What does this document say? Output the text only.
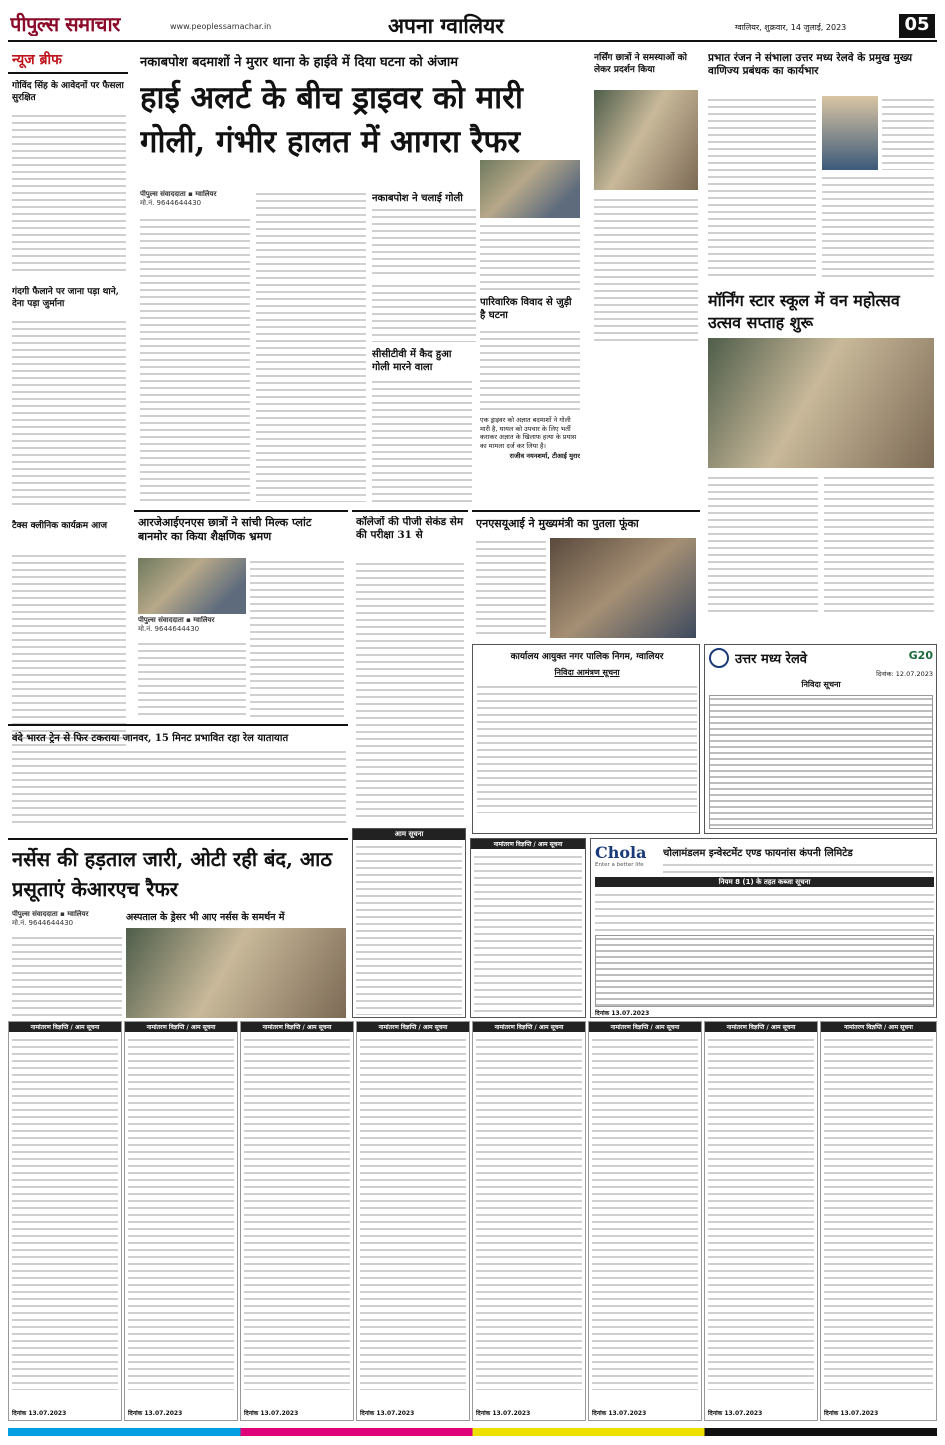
पीपुल्स समाचार	www.peoplessamachar.in	अपना ग्वालियर	ग्वालियर, शुक्रवार, 14 जुलाई, 2023	05
न्यूज ब्रीफ
गोविंद सिंह के आवेदनों पर फैसला सुरक्षित
गंदगी फैलाने पर जाना पड़ा थाने, देना पड़ा जुर्माना
टैक्स क्लीनिक कार्यक्रम आज
नकाबपोश बदमाशों ने मुरार थाना के हाईवे में दिया घटना को अंजाम
हाई अलर्ट के बीच ड्राइवर को मारी गोली, गंभीर हालत में आगरा रैफर
पीपुल्स संवाददाता ▪ ग्वालियर
मो.नं. 9644644430	नकाबपोश ने चलाई गोली
सीसीटीवी में कैद हुआ गोली मारने वाला
पारिवारिक विवाद से जुड़ी है घटना
एक ड्राइवर को अज्ञात बदमाशों ने गोली मारी है, घायल को उपचार के लिए भर्ती कराकर अज्ञात के खिलाफ हत्या के प्रयास का मामला दर्ज कर लिया है।
राजीव नयनशर्मा, टीआई मुरार
नर्सिंग छात्रों ने समस्याओं को लेकर प्रदर्शन किया
प्रभात रंजन ने संभाला उत्तर मध्य रेलवे के प्रमुख मुख्य वाणिज्य प्रबंधक का कार्यभार
मॉर्निंग स्टार स्कूल में वन महोत्सव उत्सव सप्ताह शुरू
आरजेआईएनएस छात्रों ने सांची मिल्क प्लांट बानमोर का किया शैक्षणिक भ्रमण
पीपुल्स संवाददाता ▪ ग्वालियर
मो.नं. 9644644430
कॉलेजों की पीजी सेकंड सेम की परीक्षा 31 से
एनएसयूआई ने मुख्यमंत्री का पुतला फूंका
कार्यालय आयुक्त नगर पालिक निगम, ग्वालियर
निविदा आमंत्रण सूचना
उत्तर मध्य रेलवे	G20
दिनांक: 12.07.2023
निविदा सूचना
वंदे भारत ट्रेन से फिर टकराया जानवर, 15 मिनट प्रभावित रहा रेल यातायात
नर्सेस की हड़ताल जारी, ओटी रही बंद, आठ प्रसूताएं केआरएच रैफर
पीपुल्स संवाददाता ▪ ग्वालियर
मो.नं. 9644644430	अस्पताल के ड्रेसर भी आए नर्सस के समर्थन में
आम सूचना
नामांतरण विज्ञप्ति / आम सूचना	Chola
Enter a better life
चोलामंडलम इन्वेस्टमेंट एण्ड फायनांस कंपनी लिमिटेड
नियम 8 (1) के तहत कब्जा सूचना
दिनांक 13.07.2023
नामांतरण विज्ञप्ति / आम सूचना
दिनांक 13.07.2023
नामांतरण विज्ञप्ति / आम सूचना
दिनांक 13.07.2023
नामांतरण विज्ञप्ति / आम सूचना
दिनांक 13.07.2023
नामांतरण विज्ञप्ति / आम सूचना
दिनांक 13.07.2023
नामांतरण विज्ञप्ति / आम सूचना
दिनांक 13.07.2023
नामांतरण विज्ञप्ति / आम सूचना
दिनांक 13.07.2023
नामांतरण विज्ञप्ति / आम सूचना
दिनांक 13.07.2023
नामांतरण विज्ञप्ति / आम सूचना
दिनांक 13.07.2023
